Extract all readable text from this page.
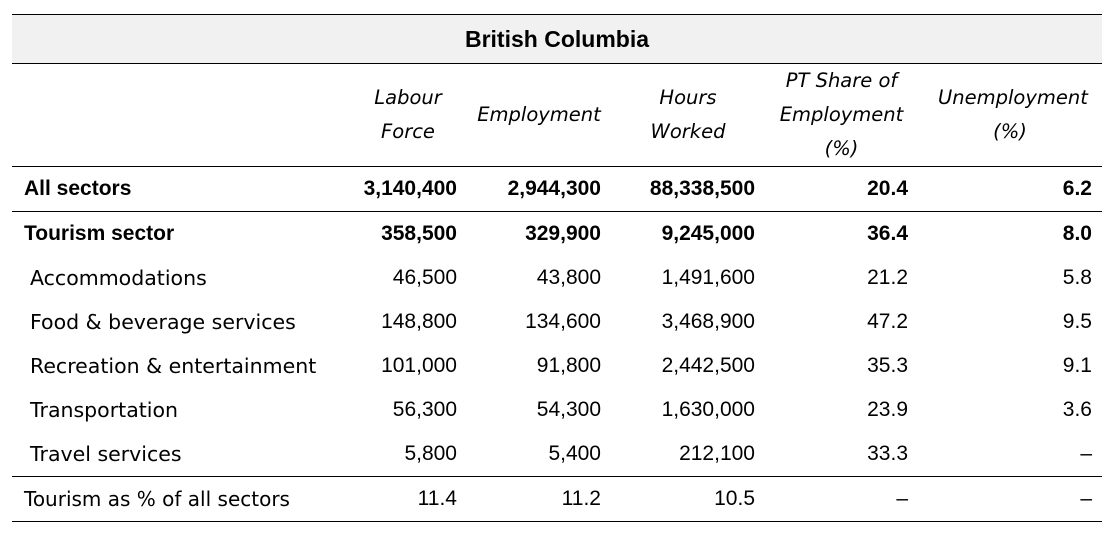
British Columbia
	Labour Force	Employment	Hours Worked	PT Share of Employment (%)	Unemployment (%)
All sectors	3,140,400	2,944,300	88,338,500	20.4	6.2
Tourism sector	358,500	329,900	9,245,000	36.4	8.0
Accommodations	46,500	43,800	1,491,600	21.2	5.8
Food & beverage services	148,800	134,600	3,468,900	47.2	9.5
Recreation & entertainment	101,000	91,800	2,442,500	35.3	9.1
Transportation	56,300	54,300	1,630,000	23.9	3.6
Travel services	5,800	5,400	212,100	33.3	–
Tourism as % of all sectors	11.4	11.2	10.5	–	–
